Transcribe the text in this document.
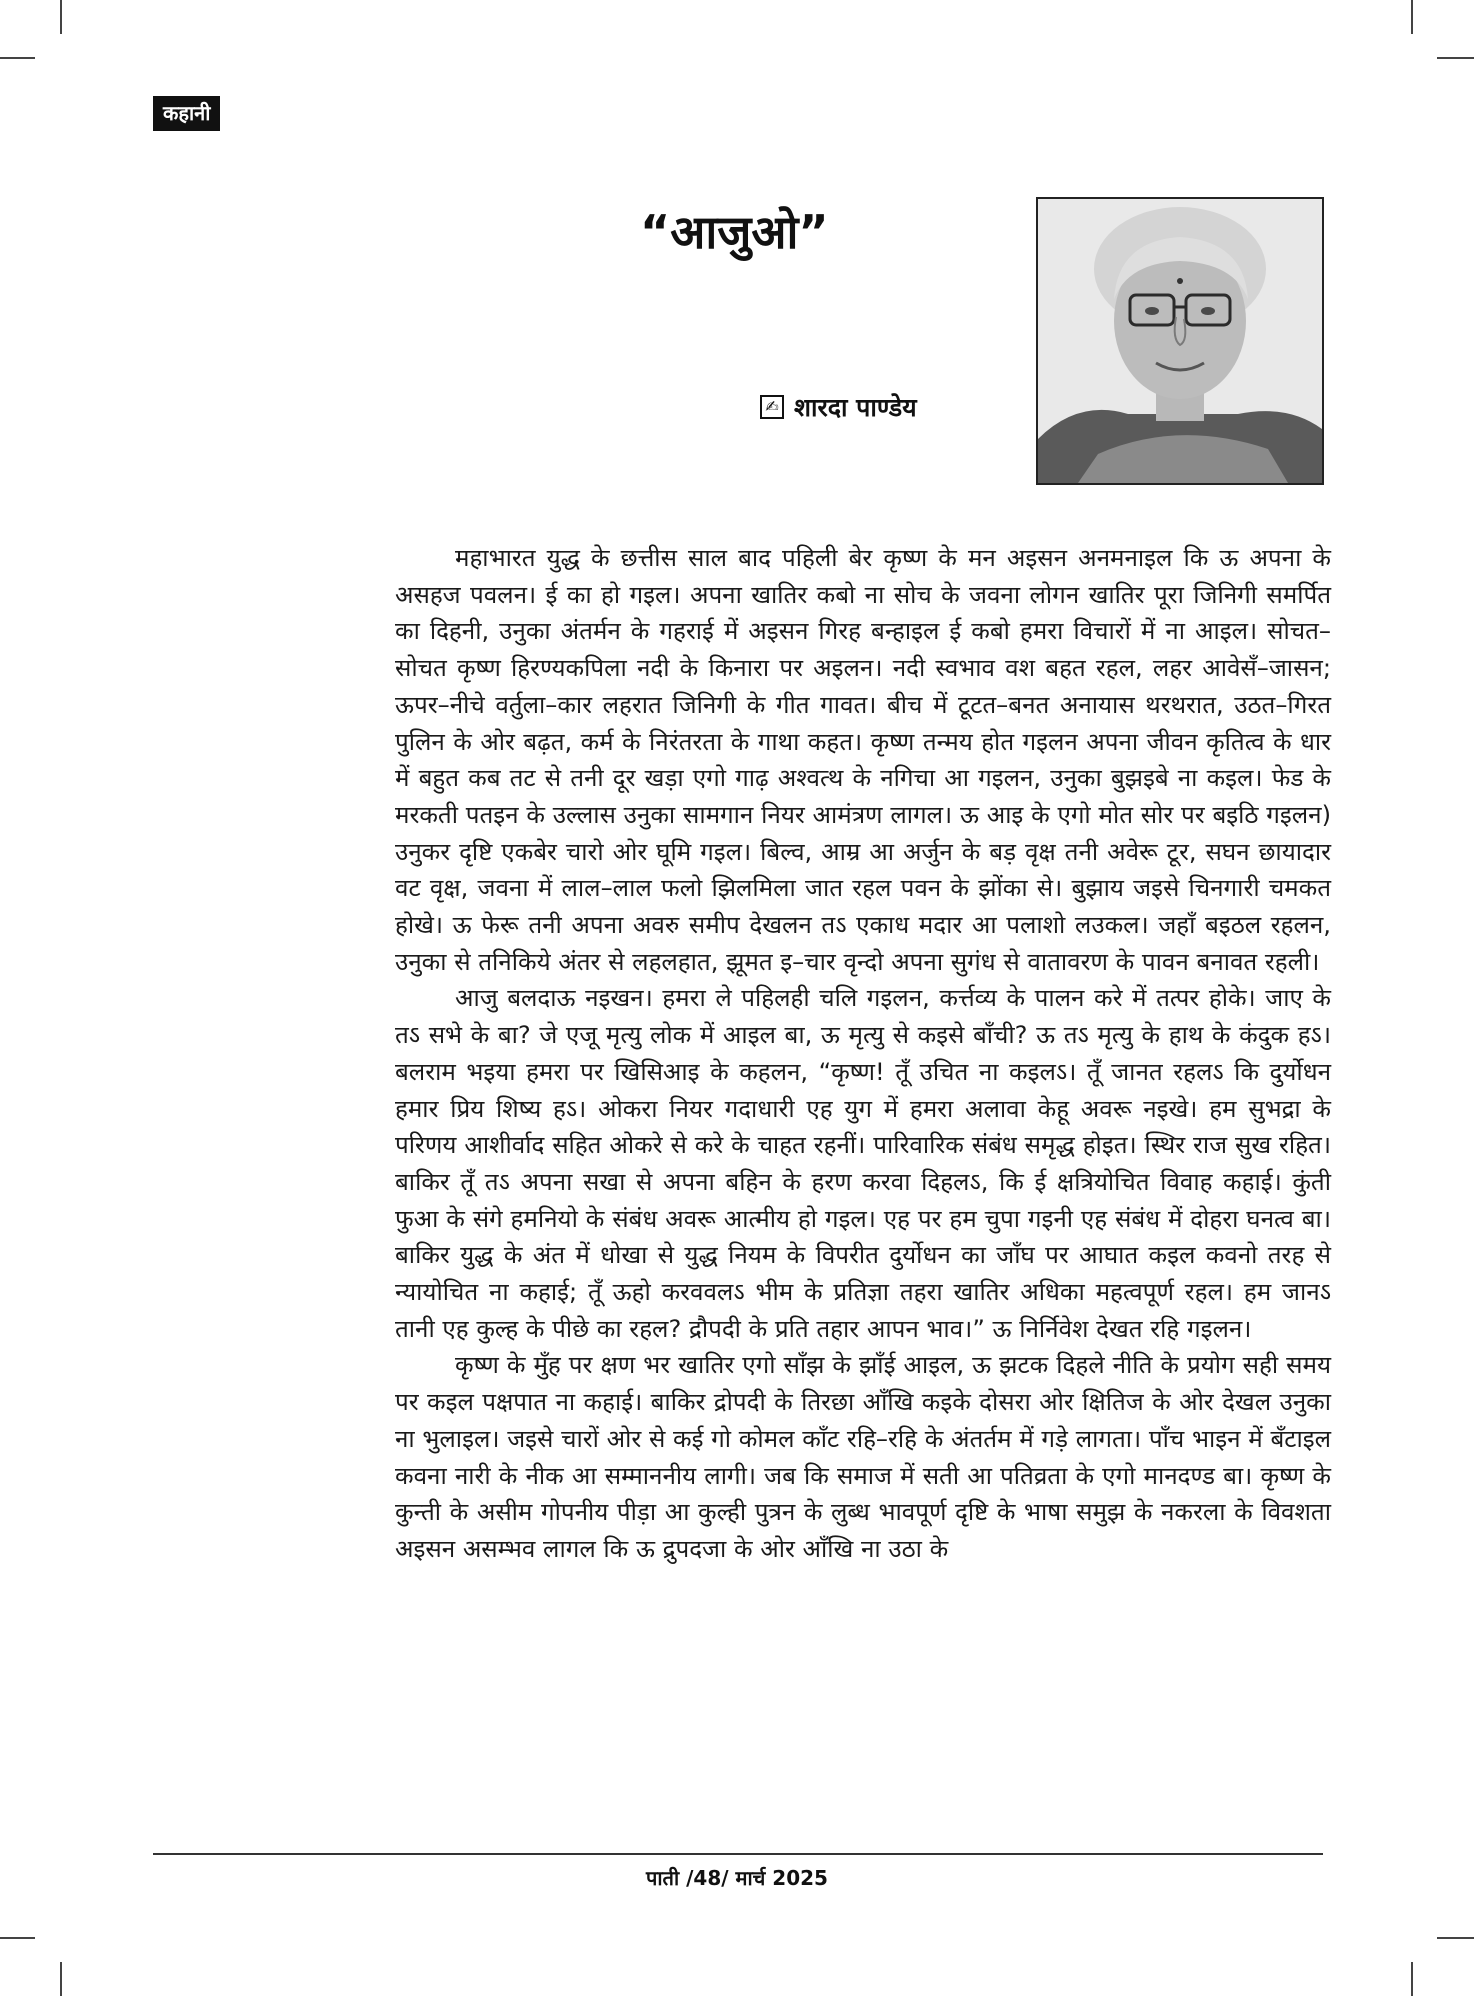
कहानी
“आजुओ”
✍ शारदा पाण्डेय

महाभारत युद्ध के छत्तीस साल बाद पहिली बेर कृष्ण के मन अइसन अनमनाइल कि ऊ अपना के असहज पवलन। ई का हो गइल। अपना खातिर कबो ना सोच के जवना लोगन खातिर पूरा जिनिगी समर्पित का दिहनी, उनुका अंतर्मन के गहराई में अइसन गिरह बन्हाइल ई कबो हमरा विचारों में ना आइल। सोचत–सोचत कृष्ण हिरण्यकपिला नदी के किनारा पर अइलन। नदी स्वभाव वश बहत रहल, लहर आवेसँ–जासन; ऊपर–नीचे वर्तुला–कार लहरात जिनिगी के गीत गावत। बीच में टूटत–बनत अनायास थरथरात, उठत–गिरत पुलिन के ओर बढ़त, कर्म के निरंतरता के गाथा कहत। कृष्ण तन्मय होत गइलन अपना जीवन कृतित्व के धार में बहुत कब तट से तनी दूर खड़ा एगो गाढ़ अश्वत्थ के नगिचा आ गइलन, उनुका बुझइबे ना कइल। फेड के मरकती पतइन के उल्लास उनुका सामगान नियर आमंत्रण लागल। ऊ आइ के एगो मोत सोर पर बइठि गइलन) उनुकर दृष्टि एकबेर चारो ओर घूमि गइल। बिल्व, आम्र आ अर्जुन के बड़ वृक्ष तनी अवेरू टूर, सघन छायादार वट वृक्ष, जवना में लाल–लाल फलो झिलमिला जात रहल पवन के झोंका से। बुझाय जइसे चिनगारी चमकत होखे। ऊ फेरू तनी अपना अवरु समीप देखलन तऽ एकाध मदार आ पलाशो लउकल। जहाँ बइठल रहलन, उनुका से तनिकिये अंतर से लहलहात, झूमत इ–चार वृन्दो अपना सुगंध से वातावरण के पावन बनावत रहली।

आजु बलदाऊ नइखन। हमरा ले पहिलही चलि गइलन, कर्त्तव्य के पालन करे में तत्पर होके। जाए के तऽ सभे के बा? जे एजू मृत्यु लोक में आइल बा, ऊ मृत्यु से कइसे बाँची? ऊ तऽ मृत्यु के हाथ के कंदुक हऽ। बलराम भइया हमरा पर खिसिआइ के कहलन, “कृष्ण! तूँ उचित ना कइलऽ। तूँ जानत रहलऽ कि दुर्योधन हमार प्रिय शिष्य हऽ। ओकरा नियर गदाधारी एह युग में हमरा अलावा केहू अवरू नइखे। हम सुभद्रा के परिणय आशीर्वाद सहित ओकरे से करे के चाहत रहनीं। पारिवारिक संबंध समृद्ध होइत। स्थिर राज सुख रहित। बाकिर तूँ तऽ अपना सखा से अपना बहिन के हरण करवा दिहलऽ, कि ई क्षत्रियोचित विवाह कहाई। कुंती फुआ के संगे हमनियो के संबंध अवरू आत्मीय हो गइल। एह पर हम चुपा गइनी एह संबंध में दोहरा घनत्व बा। बाकिर युद्ध के अंत में धोखा से युद्ध नियम के विपरीत दुर्योधन का जाँघ पर आघात कइल कवनो तरह से न्यायोचित ना कहाई; तूँ ऊहो करववलऽ भीम के प्रतिज्ञा तहरा खातिर अधिका महत्वपूर्ण रहल। हम जानऽ तानी एह कुल्ह के पीछे का रहल? द्रौपदी के प्रति तहार आपन भाव।” ऊ निर्निवेश देखत रहि गइलन।

कृष्ण के मुँह पर क्षण भर खातिर एगो साँझ के झाँई आइल, ऊ झटक दिहले नीति के प्रयोग सही समय पर कइल पक्षपात ना कहाई। बाकिर द्रोपदी के तिरछा आँखि कइके दोसरा ओर क्षितिज के ओर देखल उनुका ना भुलाइल। जइसे चारों ओर से कई गो कोमल काँट रहि–रहि के अंतर्तम में गड़े लागता। पाँच भाइन में बँटाइल कवना नारी के नीक आ सम्माननीय लागी। जब कि समाज में सती आ पतिव्रता के एगो मानदण्ड बा। कृष्ण के कुन्ती के असीम गोपनीय पीड़ा आ कुल्ही पुत्रन के लुब्ध भावपूर्ण दृष्टि के भाषा समुझ के नकरला के विवशता अइसन असम्भव लागल कि ऊ द्रुपदजा के ओर आँखि ना उठा के

पाती /48/ मार्च 2025
